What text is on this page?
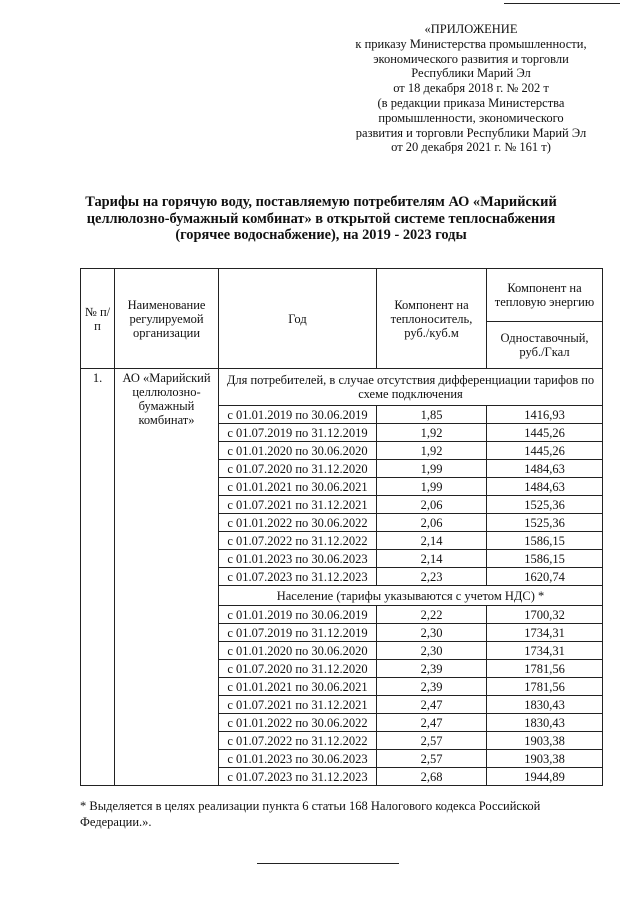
«ПРИЛОЖЕНИЕ
к приказу Министерства промышленности,
экономического развития и торговли
Республики Марий Эл
от 18 декабря 2018 г. № 202 т
(в редакции приказа Министерства
промышленности, экономического
развития и торговли Республики Марий Эл
от 20 декабря 2021 г. № 161 т)
Тарифы на горячую воду, поставляемую потребителям АО «Марийский
целлюлозно-бумажный комбинат» в открытой системе теплоснабжения
(горячее водоснабжение), на 2019 - 2023 годы
№ п/п	Наименование регулируемой организации	Год	Компонент на теплоноситель, руб./куб.м	Компонент на тепловую энергию
				Одноставочный, руб./Гкал
1.	АО «Марийский целлюлозно-бумажный комбинат»	Для потребителей, в случае отсутствия дифференциации тарифов по схеме подключения		
		с 01.01.2019 по 30.06.2019	1,85	1416,93
		с 01.07.2019 по 31.12.2019	1,92	1445,26
		с 01.01.2020 по 30.06.2020	1,92	1445,26
		с 01.07.2020 по 31.12.2020	1,99	1484,63
		с 01.01.2021 по 30.06.2021	1,99	1484,63
		с 01.07.2021 по 31.12.2021	2,06	1525,36
		с 01.01.2022 по 30.06.2022	2,06	1525,36
		с 01.07.2022 по 31.12.2022	2,14	1586,15
		с 01.01.2023 по 30.06.2023	2,14	1586,15
		с 01.07.2023 по 31.12.2023	2,23	1620,74
		Население (тарифы указываются с учетом НДС) *		
		с 01.01.2019 по 30.06.2019	2,22	1700,32
		с 01.07.2019 по 31.12.2019	2,30	1734,31
		с 01.01.2020 по 30.06.2020	2,30	1734,31
		с 01.07.2020 по 31.12.2020	2,39	1781,56
		с 01.01.2021 по 30.06.2021	2,39	1781,56
		с 01.07.2021 по 31.12.2021	2,47	1830,43
		с 01.01.2022 по 30.06.2022	2,47	1830,43
		с 01.07.2022 по 31.12.2022	2,57	1903,38
		с 01.01.2023 по 30.06.2023	2,57	1903,38
		с 01.07.2023 по 31.12.2023	2,68	1944,89
* Выделяется в целях реализации пункта 6 статьи 168 Налогового кодекса Российской Федерации.».
